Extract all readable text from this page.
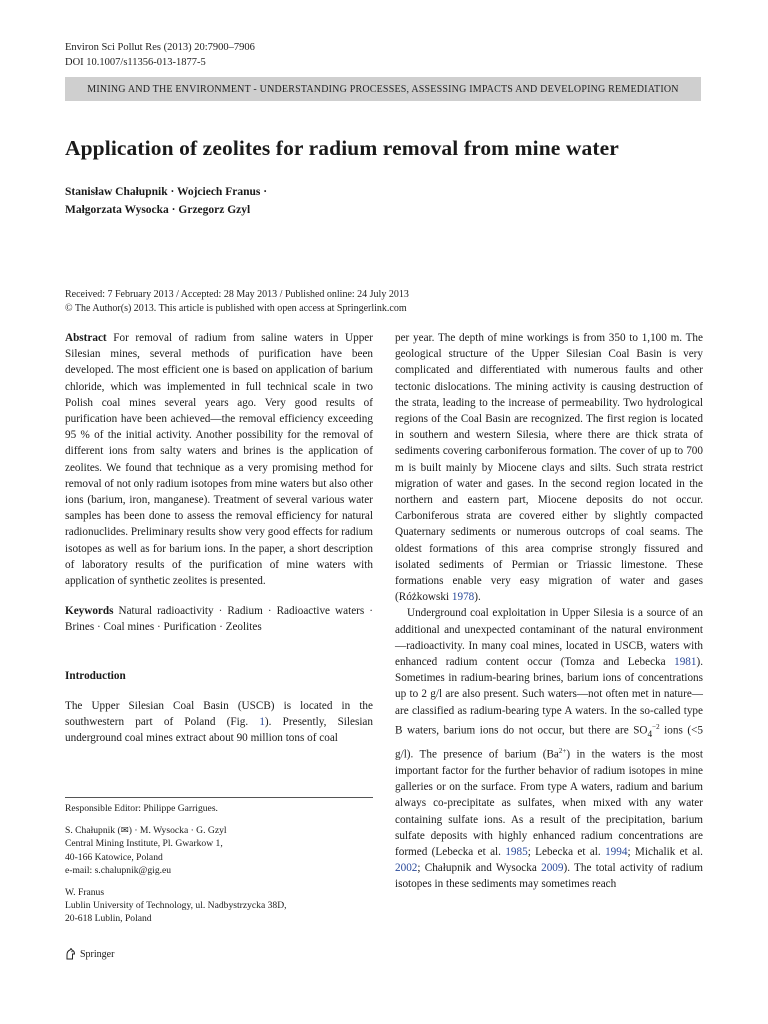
Environ Sci Pollut Res (2013) 20:7900–7906
DOI 10.1007/s11356-013-1877-5
MINING AND THE ENVIRONMENT - UNDERSTANDING PROCESSES, ASSESSING IMPACTS AND DEVELOPING REMEDIATION
Application of zeolites for radium removal from mine water
Stanisław Chałupnik · Wojciech Franus ·
Małgorzata Wysocka · Grzegorz Gzyl
Received: 7 February 2013 / Accepted: 28 May 2013 / Published online: 24 July 2013
© The Author(s) 2013. This article is published with open access at Springerlink.com

Abstract For removal of radium from saline waters in Upper Silesian mines, several methods of purification have been developed. The most efficient one is based on application of barium chloride, which was implemented in full technical scale in two Polish coal mines several years ago. Very good results of purification have been achieved—the removal efficiency exceeding 95 % of the initial activity. Another possibility for the removal of different ions from salty waters and brines is the application of zeolites. We found that technique as a very promising method for removal of not only radium isotopes from mine waters but also other ions (barium, iron, manganese). Treatment of several various water samples has been done to assess the removal efficiency for natural radionuclides. Preliminary results show very good effects for radium isotopes as well as for barium ions. In the paper, a short description of laboratory results of the purification of mine waters with application of synthetic zeolites is presented.

Keywords Natural radioactivity · Radium · Radioactive waters · Brines · Coal mines · Purification · Zeolites

Introduction

The Upper Silesian Coal Basin (USCB) is located in the southwestern part of Poland (Fig. 1). Presently, Silesian underground coal mines extract about 90 million tons of coal

Responsible Editor: Philippe Garrigues.

S. Chałupnik (✉) · M. Wysocka · G. Gzyl

Central Mining Institute, Pl. Gwarkow 1,

40-166 Katowice, Poland

e-mail: s.chalupnik@gig.eu

W. Franus

Lublin University of Technology, ul. Nadbystrzycka 38D,

20-618 Lublin, Poland

per year. The depth of mine workings is from 350 to 1,100 m. The geological structure of the Upper Silesian Coal Basin is very complicated and differentiated with numerous faults and other tectonic dislocations. The mining activity is causing destruction of the strata, leading to the increase of permeability. Two hydrological regions of the Coal Basin are recognized. The first region is located in southern and western Silesia, where there are thick strata of sediments covering carboniferous formation. The cover of up to 700 m is built mainly by Miocene clays and silts. Such strata restrict migration of water and gases. In the second region located in the northern and eastern part, Miocene deposits do not occur. Carboniferous strata are covered either by slightly compacted Quaternary sediments or numerous outcrops of coal seams. The oldest formations of this area comprise strongly fissured and isolated sediments of Permian or Triassic limestone. These formations enable very easy migration of water and gases (Różkowski 1978).

Underground coal exploitation in Upper Silesia is a source of an additional and unexpected contaminant of the natural environment—radioactivity. In many coal mines, located in USCB, waters with enhanced radium content occur (Tomza and Lebecka 1981). Sometimes in radium-bearing brines, barium ions of concentrations up to 2 g/l are also present. Such waters—not often met in nature—are classified as radium-bearing type A waters. In the so-called type B waters, barium ions do not occur, but there are $SO_4^{-2}$ ions (<5 g/l). The presence of barium $(Ba^{2+})$ in the waters is the most important factor for the further behavior of radium isotopes in mine galleries or on the surface. From type A waters, radium and barium always co-precipitate as sulfates, when mixed with any water containing sulfate ions. As a result of the precipitation, barium sulfate deposits with highly enhanced radium concentrations are formed (Lebecka et al. 1985; Lebecka et al. 1994; Michalik et al. 2002; Chałupnik and Wysocka 2009). The total activity of radium isotopes in these sediments may sometimes reach

Springer
